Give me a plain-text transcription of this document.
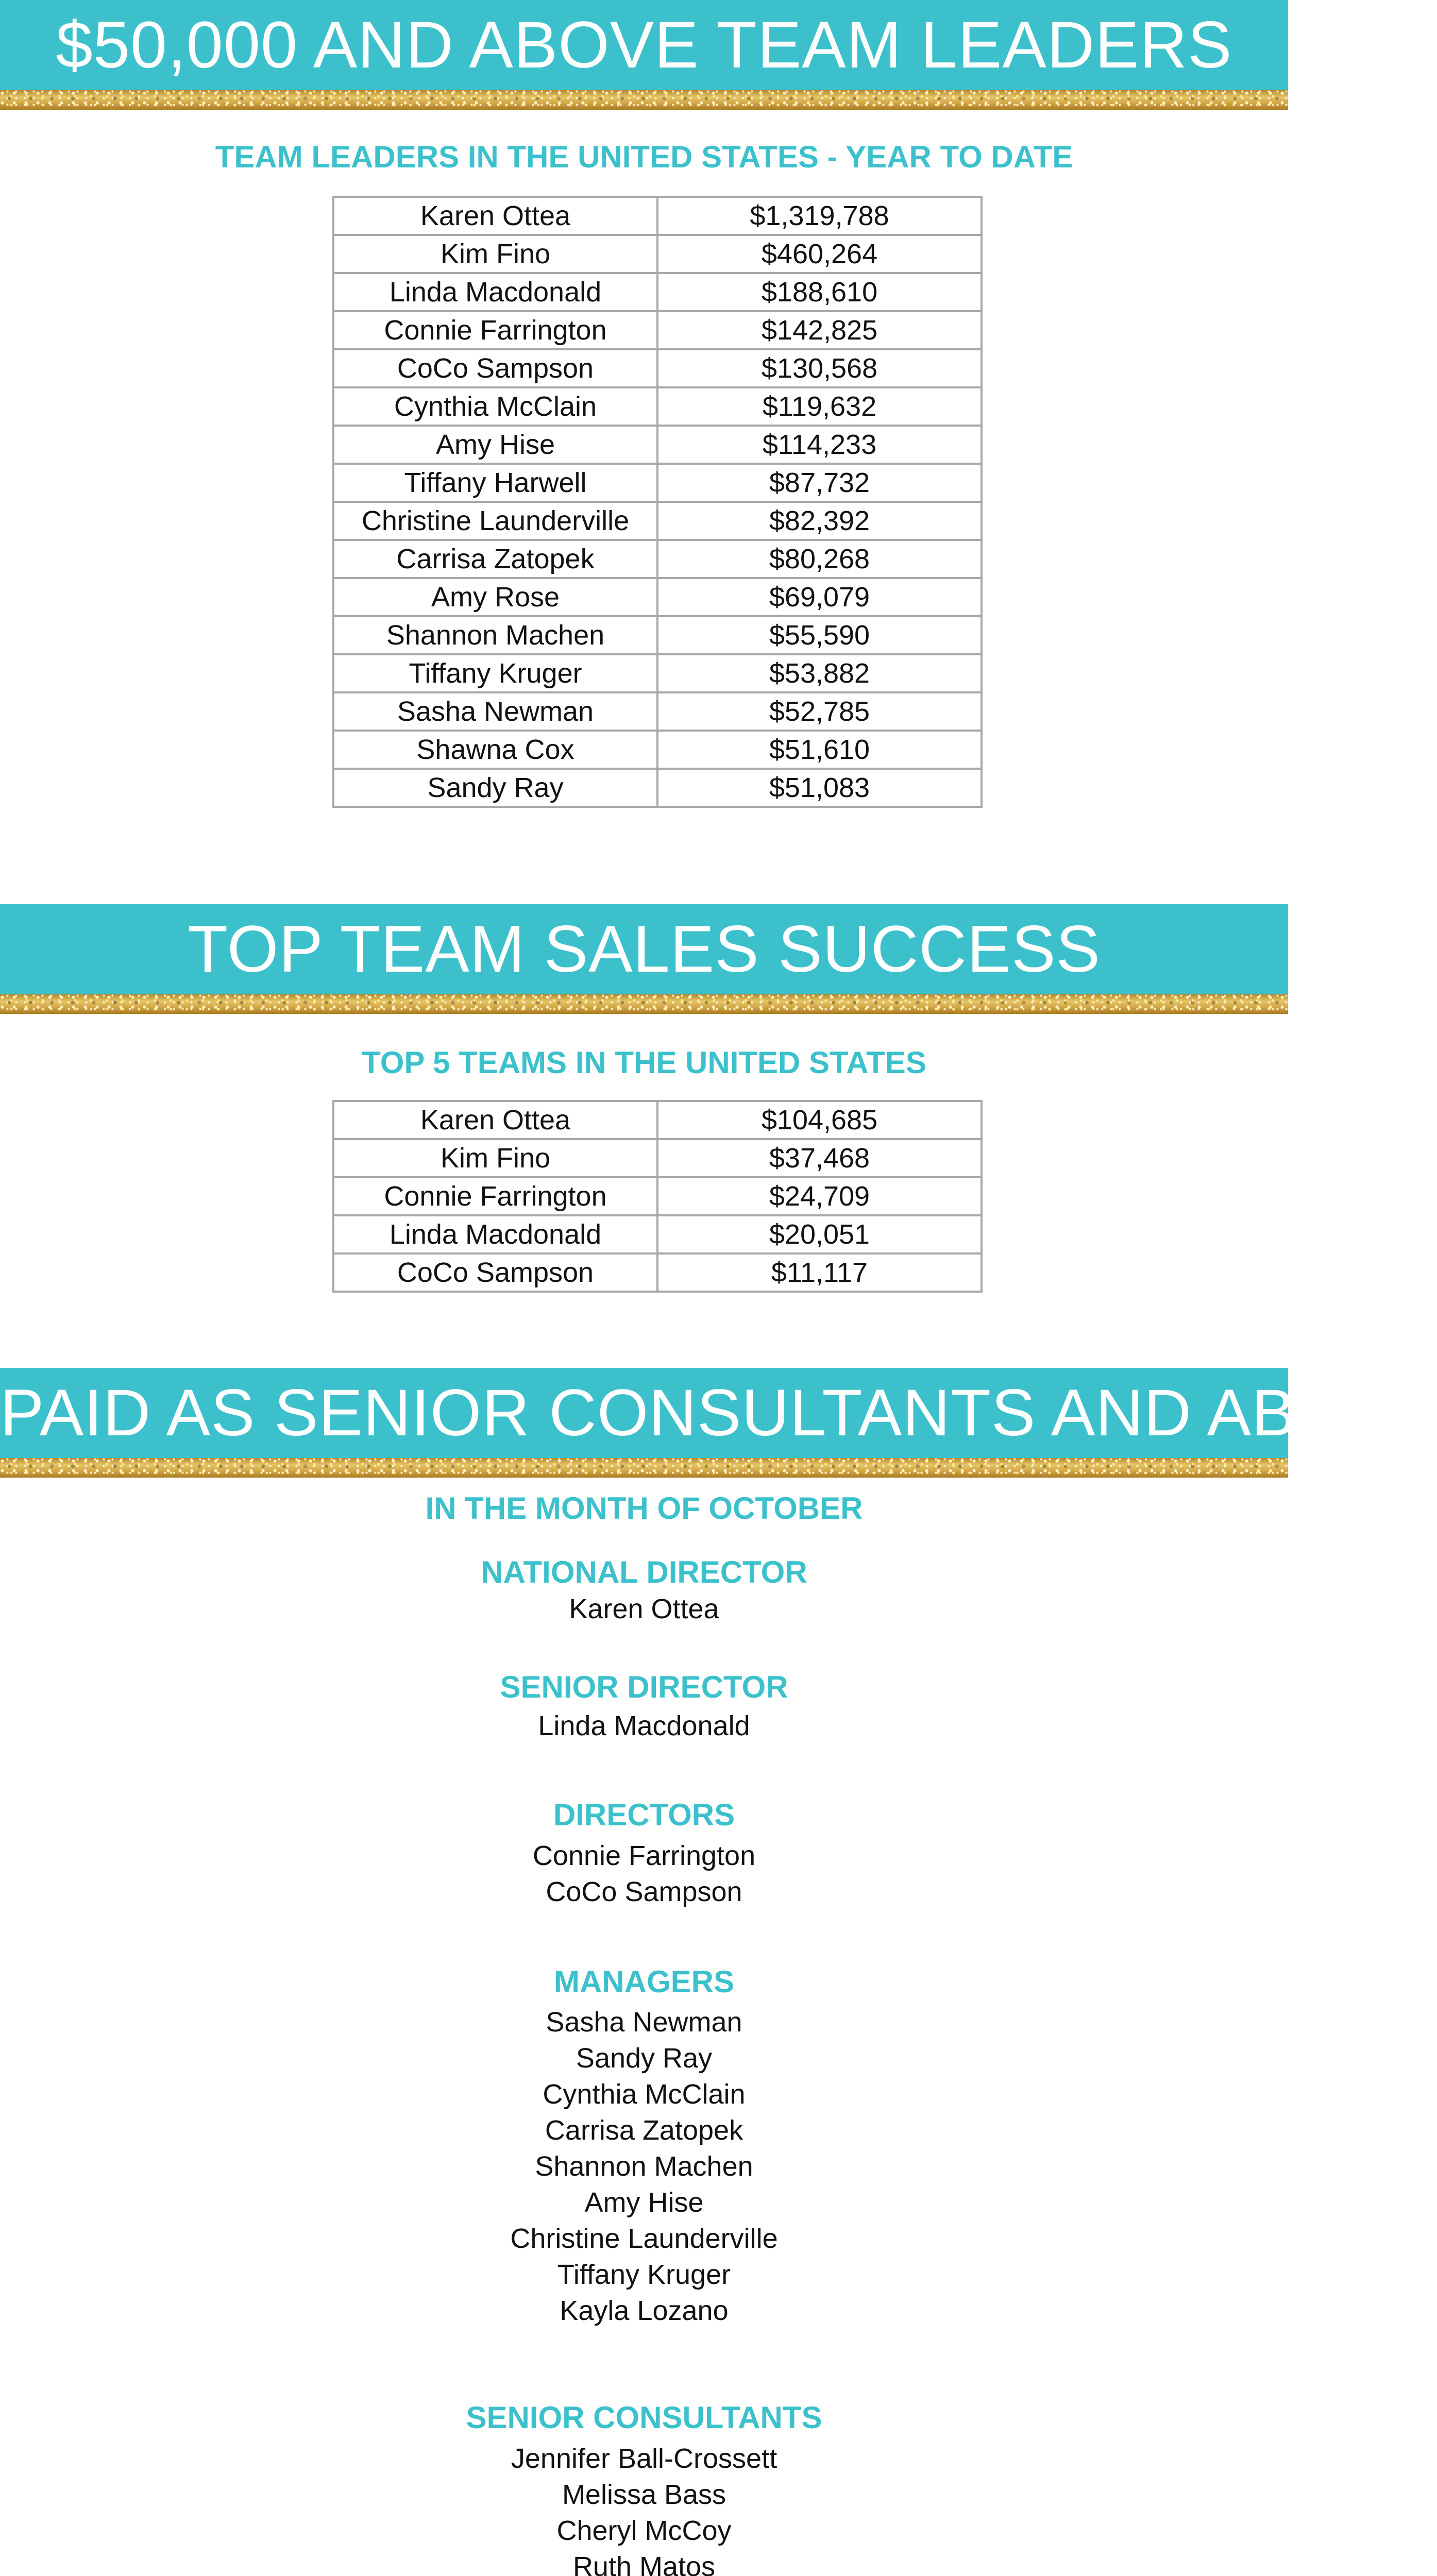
$50,000 AND ABOVE TEAM LEADERS
TEAM LEADERS IN THE UNITED STATES - YEAR TO DATE
Karen Ottea	$1,319,788
Kim Fino	$460,264
Linda Macdonald	$188,610
Connie Farrington	$142,825
CoCo Sampson	$130,568
Cynthia McClain	$119,632
Amy Hise	$114,233
Tiffany Harwell	$87,732
Christine Launderville	$82,392
Carrisa Zatopek	$80,268
Amy Rose	$69,079
Shannon Machen	$55,590
Tiffany Kruger	$53,882
Sasha Newman	$52,785
Shawna Cox	$51,610
Sandy Ray	$51,083
TOP TEAM SALES SUCCESS
TOP 5 TEAMS IN THE UNITED STATES
Karen Ottea	$104,685
Kim Fino	$37,468
Connie Farrington	$24,709
Linda Macdonald	$20,051
CoCo Sampson	$11,117
PAID AS SENIOR CONSULTANTS AND ABOVE
IN THE MONTH OF OCTOBER
NATIONAL DIRECTOR
Karen Ottea
SENIOR DIRECTOR
Linda Macdonald
DIRECTORS
Connie Farrington
CoCo Sampson
MANAGERS
Sasha Newman
Sandy Ray
Cynthia McClain
Carrisa Zatopek
Shannon Machen
Amy Hise
Christine Launderville
Tiffany Kruger
Kayla Lozano
SENIOR CONSULTANTS
Jennifer Ball-Crossett
Melissa Bass
Cheryl McCoy
Ruth Matos
